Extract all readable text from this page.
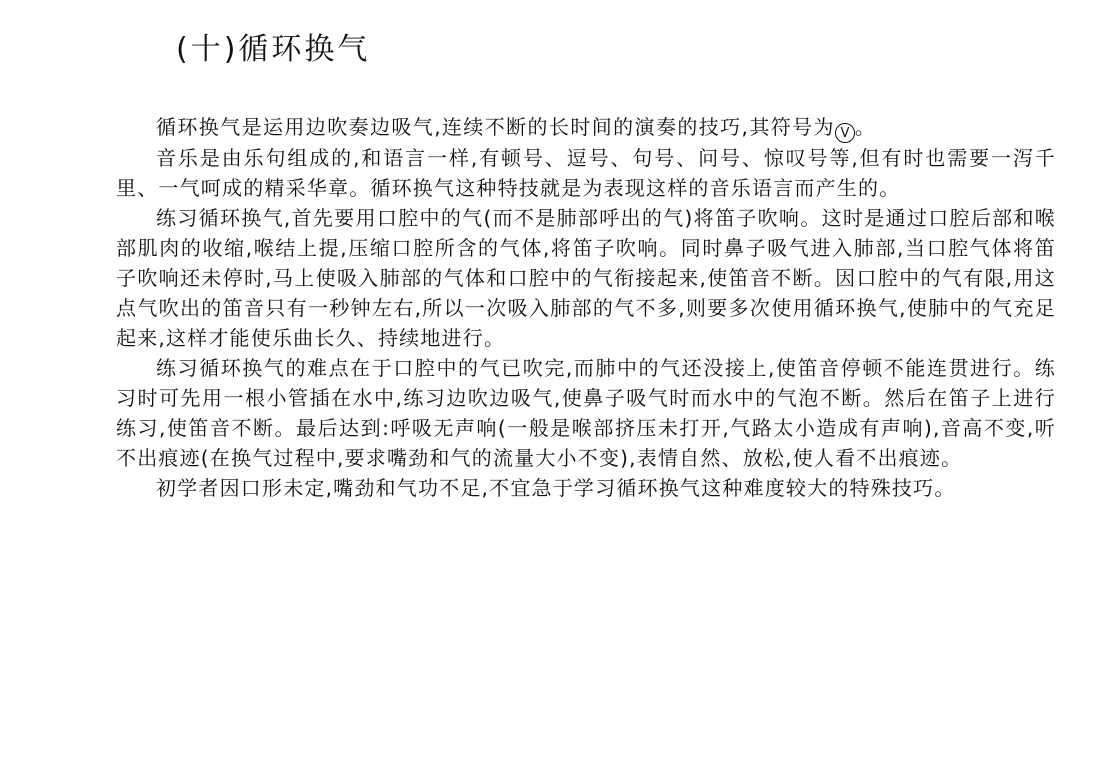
(十)循环换气

循环换气是运用边吹奏边吸气,连续不断的长时间的演奏的技巧,其符号为 V 。

音乐是由乐句组成的,和语言一样,有顿号、逗号、句号、问号、惊叹号等,但有时也需要一泻千里、一气呵成的精采华章。循环换气这种特技就是为表现这样的音乐语言而产生的。

练习循环换气,首先要用口腔中的气(而不是肺部呼出的气)将笛子吹响。这时是通过口腔后部和喉部肌肉的收缩,喉结上提,压缩口腔所含的气体,将笛子吹响。同时鼻子吸气进入肺部,当口腔气体将笛子吹响还未停时,马上使吸入肺部的气体和口腔中的气衔接起来,使笛音不断。因口腔中的气有限,用这点气吹出的笛音只有一秒钟左右,所以一次吸入肺部的气不多,则要多次使用循环换气,使肺中的气充足起来,这样才能使乐曲长久、持续地进行。

练习循环换气的难点在于口腔中的气已吹完,而肺中的气还没接上,使笛音停顿不能连贯进行。练习时可先用一根小管插在水中,练习边吹边吸气,使鼻子吸气时而水中的气泡不断。然后在笛子上进行练习,使笛音不断。最后达到:呼吸无声响(一般是喉部挤压未打开,气路太小造成有声响),音高不变,听不出痕迹(在换气过程中,要求嘴劲和气的流量大小不变),表情自然、放松,使人看不出痕迹。

初学者因口形未定,嘴劲和气功不足,不宜急于学习循环换气这种难度较大的特殊技巧。
